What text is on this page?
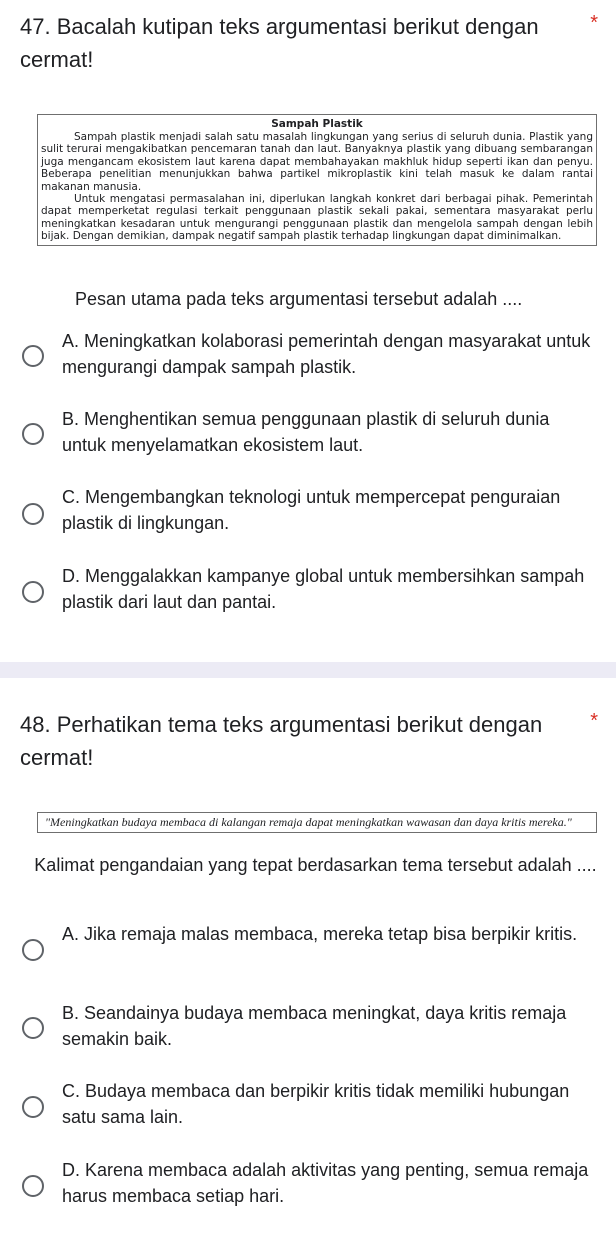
47. Bacalah kutipan teks argumentasi berikut dengan cermat!
*
Sampah Plastik

Sampah plastik menjadi salah satu masalah lingkungan yang serius di seluruh dunia. Plastik yang sulit terurai mengakibatkan pencemaran tanah dan laut. Banyaknya plastik yang dibuang sembarangan juga mengancam ekosistem laut karena dapat membahayakan makhluk hidup seperti ikan dan penyu. Beberapa penelitian menunjukkan bahwa partikel mikroplastik kini telah masuk ke dalam rantai makanan manusia.

Untuk mengatasi permasalahan ini, diperlukan langkah konkret dari berbagai pihak. Pemerintah dapat memperketat regulasi terkait penggunaan plastik sekali pakai, sementara masyarakat perlu meningkatkan kesadaran untuk mengurangi penggunaan plastik dan mengelola sampah dengan lebih bijak. Dengan demikian, dampak negatif sampah plastik terhadap lingkungan dapat diminimalkan.

Pesan utama pada teks argumentasi tersebut adalah ....
A. Meningkatkan kolaborasi pemerintah dengan masyarakat untuk mengurangi dampak sampah plastik.
B. Menghentikan semua penggunaan plastik di seluruh dunia untuk menyelamatkan ekosistem laut.
C. Mengembangkan teknologi untuk mempercepat penguraian plastik di lingkungan.
D. Menggalakkan kampanye global untuk membersihkan sampah plastik dari laut dan pantai.
48. Perhatikan tema teks argumentasi berikut dengan cermat!
*

"Meningkatkan budaya membaca di kalangan remaja dapat meningkatkan wawasan dan daya kritis mereka."

Kalimat pengandaian yang tepat berdasarkan tema tersebut adalah ....
A. Jika remaja malas membaca, mereka tetap bisa berpikir kritis.
B. Seandainya budaya membaca meningkat, daya kritis remaja semakin baik.
C. Budaya membaca dan berpikir kritis tidak memiliki hubungan satu sama lain.
D. Karena membaca adalah aktivitas yang penting, semua remaja harus membaca setiap hari.
